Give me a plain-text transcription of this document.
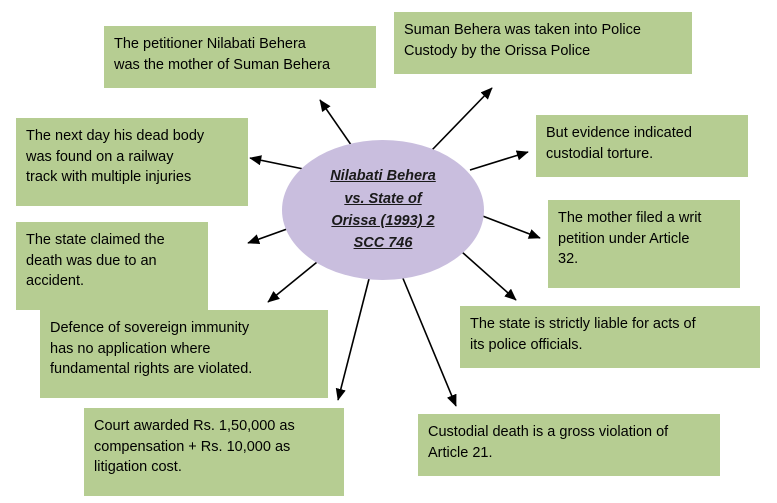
Nilabati Behera
vs. State of
Orissa (1993) 2
SCC 746
The petitioner Nilabati Behera
was the mother of Suman Behera
Suman Behera was taken into Police
Custody by the Orissa Police
But evidence indicated
custodial torture.
The next day his dead body
was found on a railway
track with multiple injuries
The mother filed a writ
petition under Article
32.
The state claimed the
death was due to an
accident.
The state is strictly liable for acts of
its police officials.
Defence of sovereign immunity
has no application where
fundamental rights are violated.
Court awarded Rs. 1,50,000 as
compensation + Rs. 10,000 as
litigation cost.
Custodial death is a gross violation of
Article 21.
